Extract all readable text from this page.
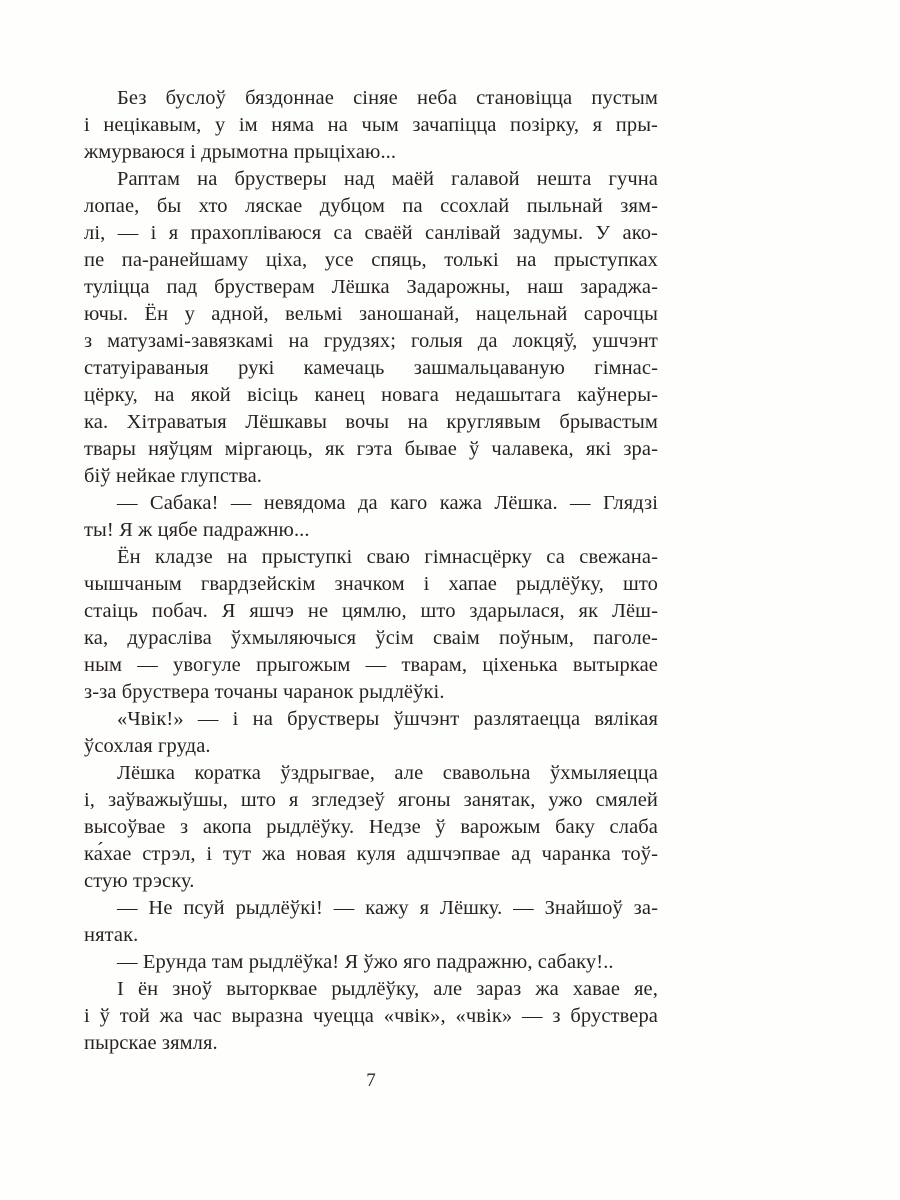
Без буслоў бяздоннае сіняе неба становіцца пустым
і нецікавым, у ім няма на чым зачапіцца позірку, я пры-
жмурваюся і дрымотна прыціхаю...
Раптам на брустверы над маёй галавой нешта гучна
лопае, бы хто ляскае дубцом па ссохлай пыльнай зям-
лі, — і я прахопліваюся са сваёй санлівай задумы. У ако-
пе па-ранейшаму ціха, усе спяць, толькі на прыступках
туліцца пад брустверам Лёшка Задарожны, наш зараджа-
ючы. Ён у адной, вельмі заношанай, нацельнай сарочцы
з матузамі-завязкамі на грудзях; голыя да локцяў, ушчэнт
статуіраваныя рукі камечаць зашмальцаваную гімнас-
цёрку, на якой вісіць канец новага недашытага каўнеры-
ка. Хітраватыя Лёшкавы вочы на круглявым брывастым
твары няўцям міргаюць, як гэта бывае ў чалавека, які зра-
біў нейкае глупства.
— Сабака! — невядома да каго кажа Лёшка. — Глядзі
ты! Я ж цябе падражню...
Ён кладзе на прыступкі сваю гімнасцёрку са свежана-
чышчаным гвардзейскім значком і хапае рыдлёўку, што
стаіць побач. Я яшчэ не цямлю, што здарылася, як Лёш-
ка, дурасліва ўхмыляючыся ўсім сваім поўным, паголе-
ным — увогуле прыгожым — тварам, ціхенька вытыркае
з-за бруствера точаны чаранок рыдлёўкі.
«Чвік!» — і на брустверы ўшчэнт разлятаецца вялікая
ўсохлая груда.
Лёшка коратка ўздрыгвае, але свавольна ўхмыляецца
і, заўважыўшы, што я згледзеў ягоны занятак, ужо смялей
высоўвае з акопа рыдлёўку. Недзе ў варожым баку слаба
ка́хае стрэл, і тут жа новая куля адшчэпвае ад чаранка тоў-
стую трэску.
— Не псуй рыдлёўкі! — кажу я Лёшку. — Знайшоў за-
нятак.
— Ерунда там рыдлёўка! Я ўжо яго падражню, сабаку!..
І ён зноў выторквае рыдлёўку, але зараз жа хавае яе,
і ў той жа час выразна чуецца «чвік», «чвік» — з бруствера
пырскае зямля.
7
